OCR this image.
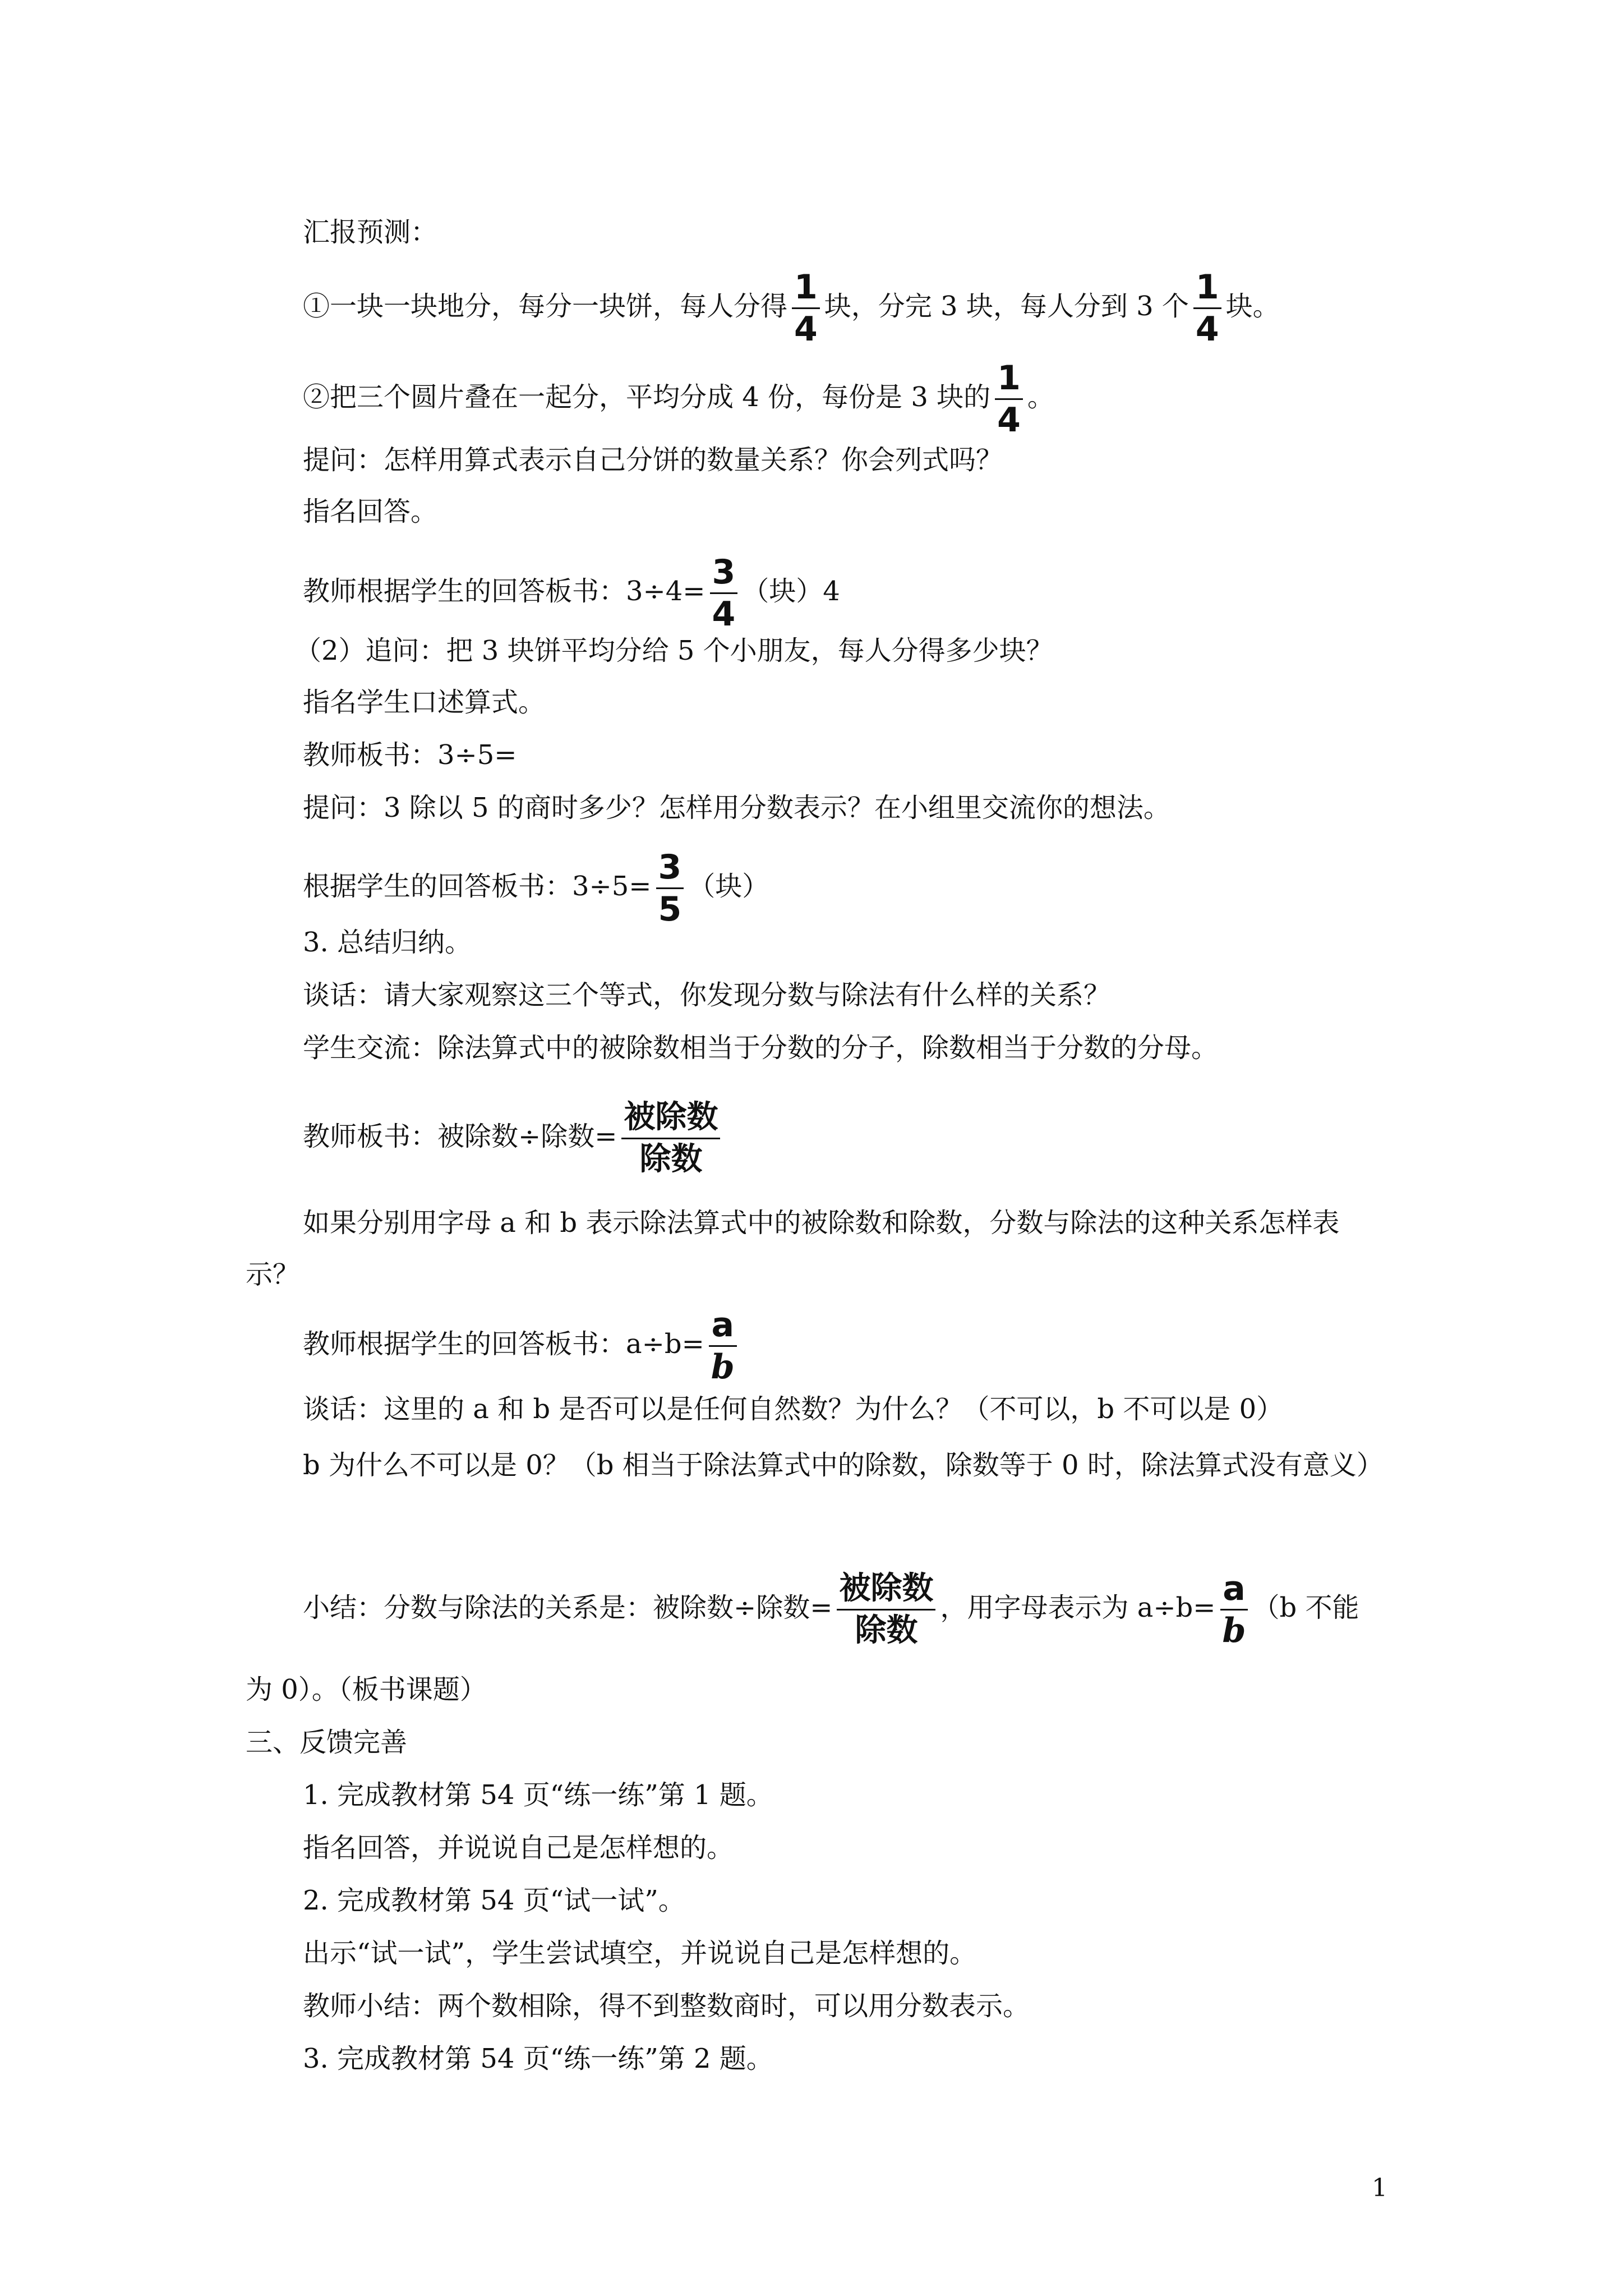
汇报预测：
①一块一块地分，每分一块饼，每人分得 $\frac{1}{4}$ 块，分完 3 块，每人分到 3 个 $\frac{1}{4}$ 块。
②把三个圆片叠在一起分，平均分成 4 份，每份是 3 块的 $\frac{1}{4}$ 。
提问：怎样用算式表示自己分饼的数量关系？你会列式吗？
指名回答。
教师根据学生的回答板书：$3\div 4= \frac{3}{4}$ （块）4
（2）追问：把 3 块饼平均分给 5 个小朋友，每人分得多少块？
指名学生口述算式。
教师板书：3÷5=
提问：3 除以 5 的商时多少？怎样用分数表示？在小组里交流你的想法。
根据学生的回答板书：$3\div 5= \frac{3}{5}$ （块）
3. 总结归纳。
谈话：请大家观察这三个等式，你发现分数与除法有什么样的关系？
学生交流：除法算式中的被除数相当于分数的分子，除数相当于分数的分母。
教师板书：被除数÷除数= $\frac{\text{被除数}}{\text{除数}}$
如果分别用字母 a 和 b 表示除法算式中的被除数和除数，分数与除法的这种关系怎样表示？
教师根据学生的回答板书：$a\div b= \frac{a}{b}$
谈话：这里的 a 和 b 是否可以是任何自然数？为什么？（不可以，b 不可以是 0）
b 为什么不可以是 0？（b 相当于除法算式中的除数，除数等于 0 时，除法算式没有意义）
小结：分数与除法的关系是：被除数÷除数= $\frac{\text{被除数}}{\text{除数}}$ ，用字母表示为 $a\div b= \frac{a}{b} (b$ 不能
为 0）。（板书课题）
三、反馈完善
1. 完成教材第 54 页“练一练”第 1 题。
指名回答，并说说自己是怎样想的。
2. 完成教材第 54 页“试一试”。
出示“试一试”，学生尝试填空，并说说自己是怎样想的。
教师小结：两个数相除，得不到整数商时，可以用分数表示。
3. 完成教材第 54 页“练一练”第 2 题。
1
